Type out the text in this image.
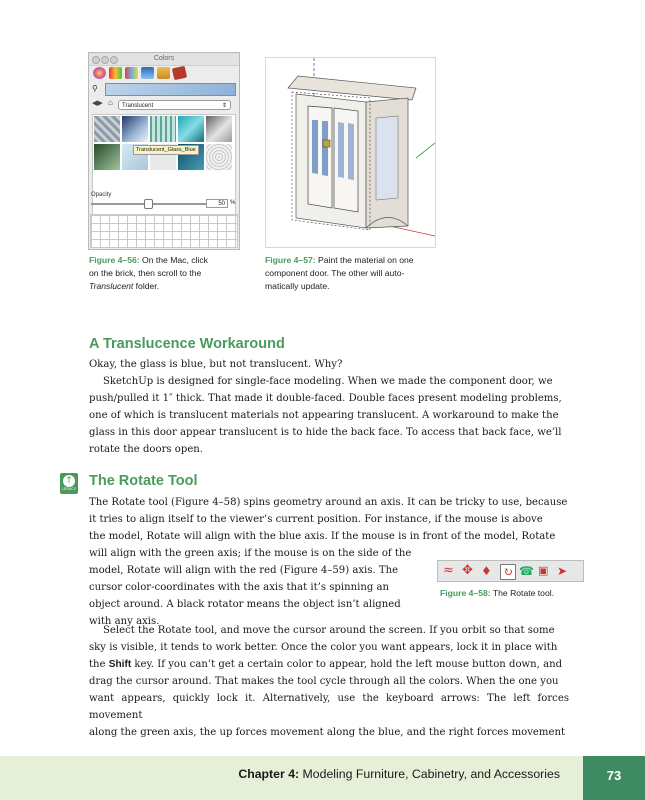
Colors
⚲
◀▶ ⌂	Translucent	⇕
Translucent_Glass_Blue
Opacity
50 %
Figure 4–56: On the Mac, click
on the brick, then scroll to the
Translucent folder.
Figure 4–57: Paint the material on one
component door. The other will auto-
matically update.
A Translucence Workaround
Okay, the glass is blue, but not translucent. Why?
SketchUp is designed for single-face modeling. When we made the component door, we
push/pulled it 1″ thick. That made it double-faced. Double faces present modeling problems,
one of which is translucent materials not appearing translucent. A workaround to make the
glass in this door appear translucent is to hide the back face. To access that back face, we’ll
rotate the doors open.
↑
LEGACY The Rotate Tool
The Rotate tool (Figure 4–58) spins geometry around an axis. It can be tricky to use, because
it tries to align itself to the viewer’s current position. For instance, if the mouse is above
the model, Rotate will align with the blue axis. If the mouse is in front of the model, Rotate
will align with the green axis; if the mouse is on the side of the
model, Rotate will align with the red (Figure 4–59) axis. The
cursor color-coordinates with the axis that it’s spinning an
object around. A black rotator means the object isn’t aligned
with any axis.
≈ ✥ ♦ ↻ ☎ ▣ ➤
Figure 4–58: The Rotate tool.
Select the Rotate tool, and move the cursor around the screen. If you orbit so that some
sky is visible, it tends to work better. Once the color you want appears, lock it in place with
the Shift key. If you can’t get a certain color to appear, hold the left mouse button down, and
drag the cursor around. That makes the tool cycle through all the colors. When the one you
want appears, quickly lock it. Alternatively, use the keyboard arrows: The left forces movement
along the green axis, the up forces movement along the blue, and the right forces movement
Chapter 4: Modeling Furniture, Cabinetry, and Accessories	73
